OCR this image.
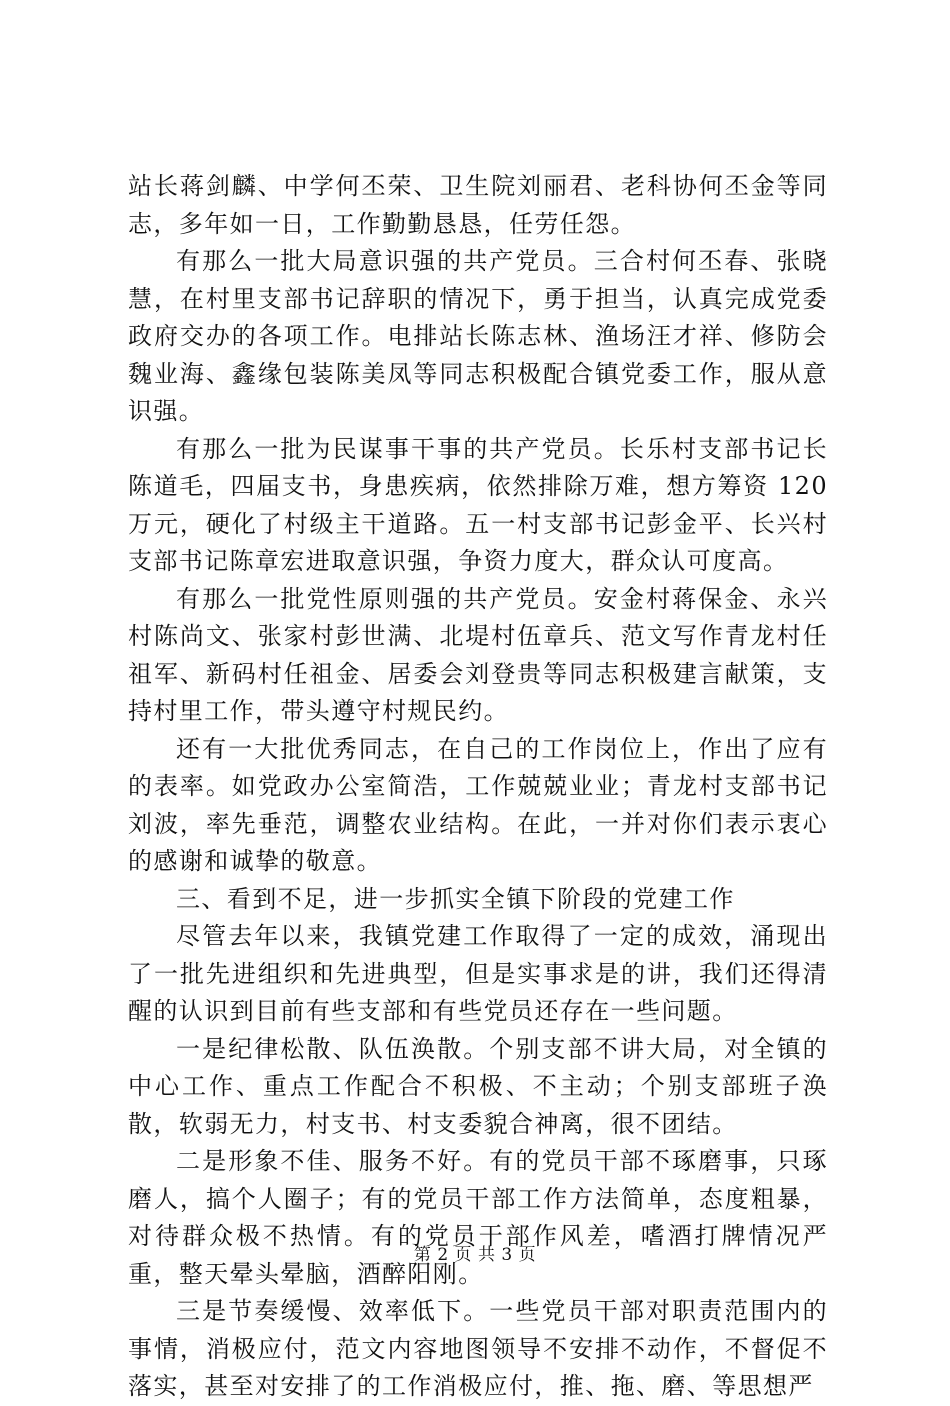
站长蒋剑麟、中学何丕荣、卫生院刘丽君、老科协何丕金等同志，多年如一日，工作勤勤恳恳，任劳任怨。

有那么一批大局意识强的共产党员。三合村何丕春、张晓慧，在村里支部书记辞职的情况下，勇于担当，认真完成党委政府交办的各项工作。电排站长陈志林、渔场汪才祥、修防会魏业海、鑫缘包装陈美凤等同志积极配合镇党委工作，服从意识强。

有那么一批为民谋事干事的共产党员。长乐村支部书记长陈道毛，四届支书，身患疾病，依然排除万难，想方筹资 120 万元，硬化了村级主干道路。五一村支部书记彭金平、长兴村支部书记陈章宏进取意识强，争资力度大，群众认可度高。

有那么一批党性原则强的共产党员。安金村蒋保金、永兴村陈尚文、张家村彭世满、北堤村伍章兵、范文写作青龙村任祖军、新码村任祖金、居委会刘登贵等同志积极建言献策，支持村里工作，带头遵守村规民约。

还有一大批优秀同志，在自己的工作岗位上，作出了应有的表率。如党政办公室简浩，工作兢兢业业；青龙村支部书记刘波，率先垂范，调整农业结构。在此，一并对你们表示衷心的感谢和诚挚的敬意。

三、看到不足，进一步抓实全镇下阶段的党建工作

尽管去年以来，我镇党建工作取得了一定的成效，涌现出了一批先进组织和先进典型，但是实事求是的讲，我们还得清醒的认识到目前有些支部和有些党员还存在一些问题。

一是纪律松散、队伍涣散。个别支部不讲大局，对全镇的中心工作、重点工作配合不积极、不主动；个别支部班子涣散，软弱无力，村支书、村支委貌合神离，很不团结。

二是形象不佳、服务不好。有的党员干部不琢磨事，只琢磨人，搞个人圈子；有的党员干部工作方法简单，态度粗暴，对待群众极不热情。有的党员干部作风差，嗜酒打牌情况严重，整天晕头晕脑，酒醉阳刚。

三是节奏缓慢、效率低下。一些党员干部对职责范围内的事情，消极应付，范文内容地图领导不安排不动作，不督促不落实，甚至对安排了的工作消极应付，推、拖、磨、等思想严

第 2 页 共 3 页
